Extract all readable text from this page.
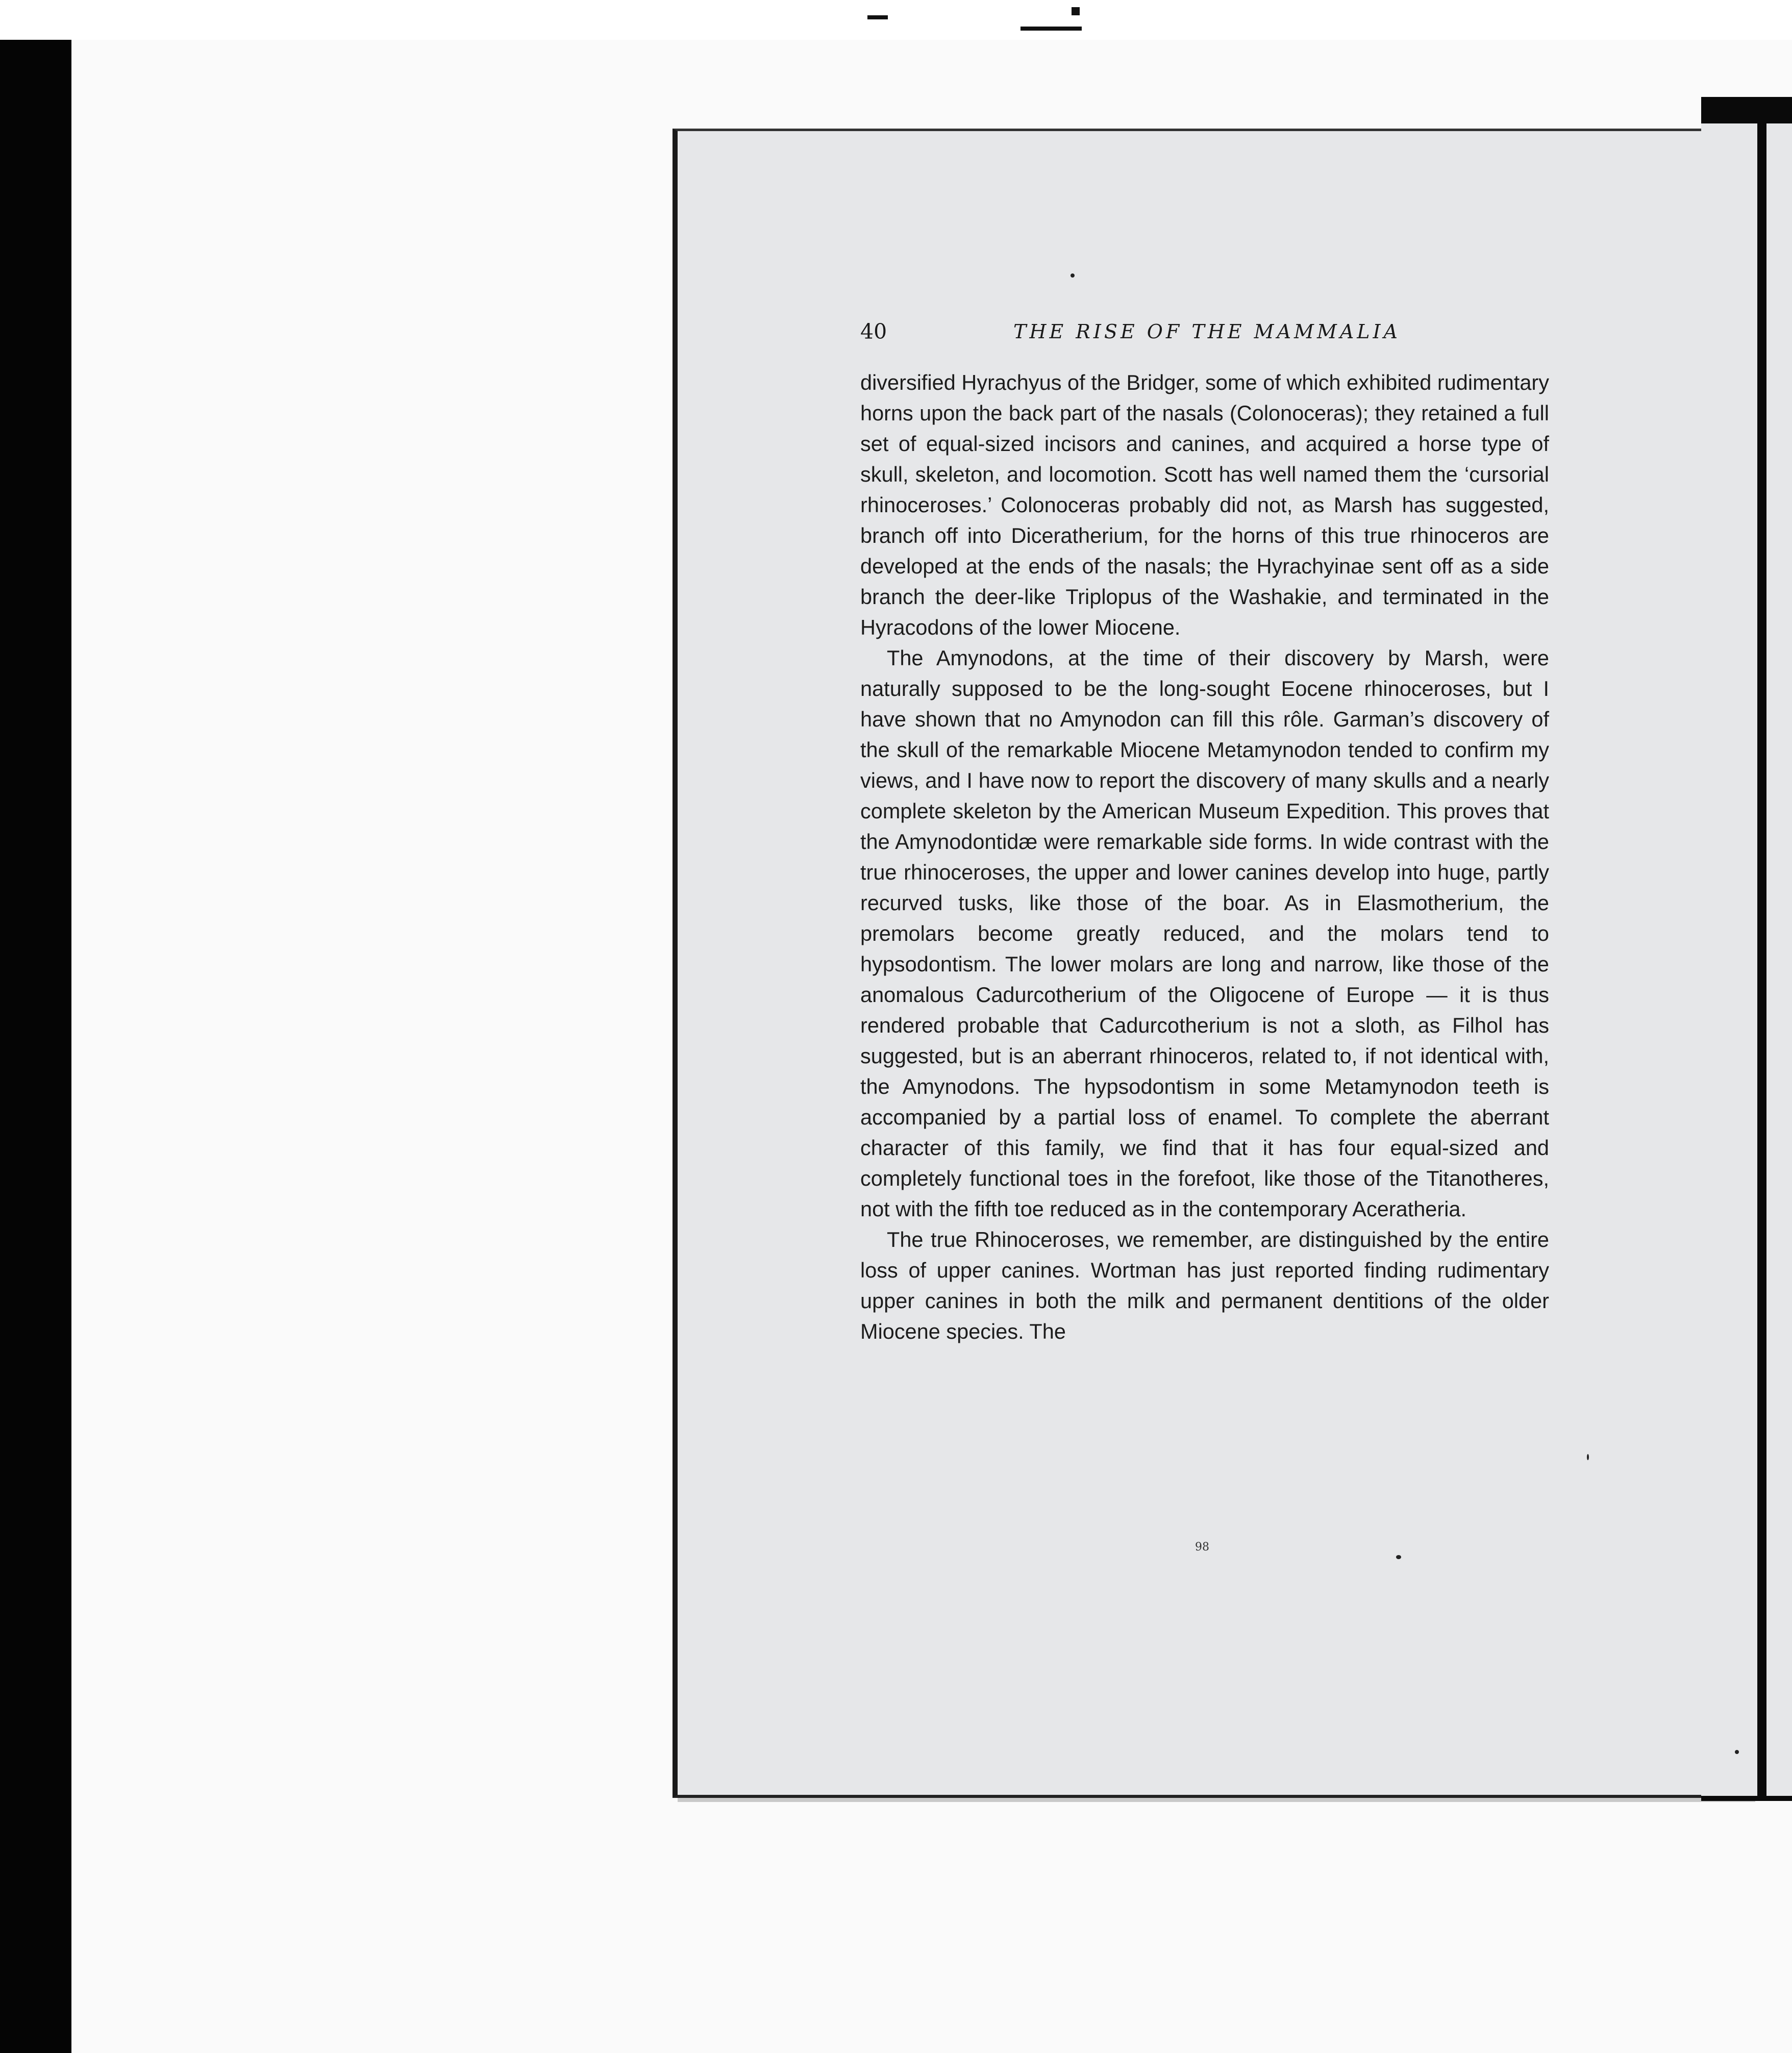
40	THE RISE OF THE MAMMALIA

diversified Hyrachyus of the Bridger, some of which exhibited rudimentary horns upon the back part of the nasals (Colonoceras); they retained a full set of equal-sized incisors and canines, and acquired a horse type of skull, skeleton, and locomotion. Scott has well named them the ‘cursorial rhinoceroses.’ Colonoceras probably did not, as Marsh has suggested, branch off into Diceratherium, for the horns of this true rhinoceros are developed at the ends of the nasals; the Hyrachyinae sent off as a side branch the deer-like Triplopus of the Washakie, and terminated in the Hyracodons of the lower Miocene.

The Amynodons, at the time of their discovery by Marsh, were naturally supposed to be the long-sought Eocene rhinoceroses, but I have shown that no Amynodon can fill this rôle. Garman’s discovery of the skull of the remarkable Miocene Metamynodon tended to confirm my views, and I have now to report the discovery of many skulls and a nearly complete skeleton by the American Museum Expedition. This proves that the Amynodontidæ were remarkable side forms. In wide contrast with the true rhinoceroses, the upper and lower canines develop into huge, partly recurved tusks, like those of the boar. As in Elasmotherium, the premolars become greatly reduced, and the molars tend to hypsodontism. The lower molars are long and narrow, like those of the anomalous Cadurcotherium of the Oligocene of Europe — it is thus rendered probable that Cadurcotherium is not a sloth, as Filhol has suggested, but is an aberrant rhinoceros, related to, if not identical with, the Amynodons. The hypsodontism in some Metamynodon teeth is accompanied by a partial loss of enamel. To complete the aberrant character of this family, we find that it has four equal-sized and completely functional toes in the forefoot, like those of the Titanotheres, not with the fifth toe reduced as in the contemporary Aceratheria.

The true Rhinoceroses, we remember, are distinguished by the entire loss of upper canines. Wortman has just reported finding rudimentary upper canines in both the milk and permanent dentitions of the older Miocene species. The

98
